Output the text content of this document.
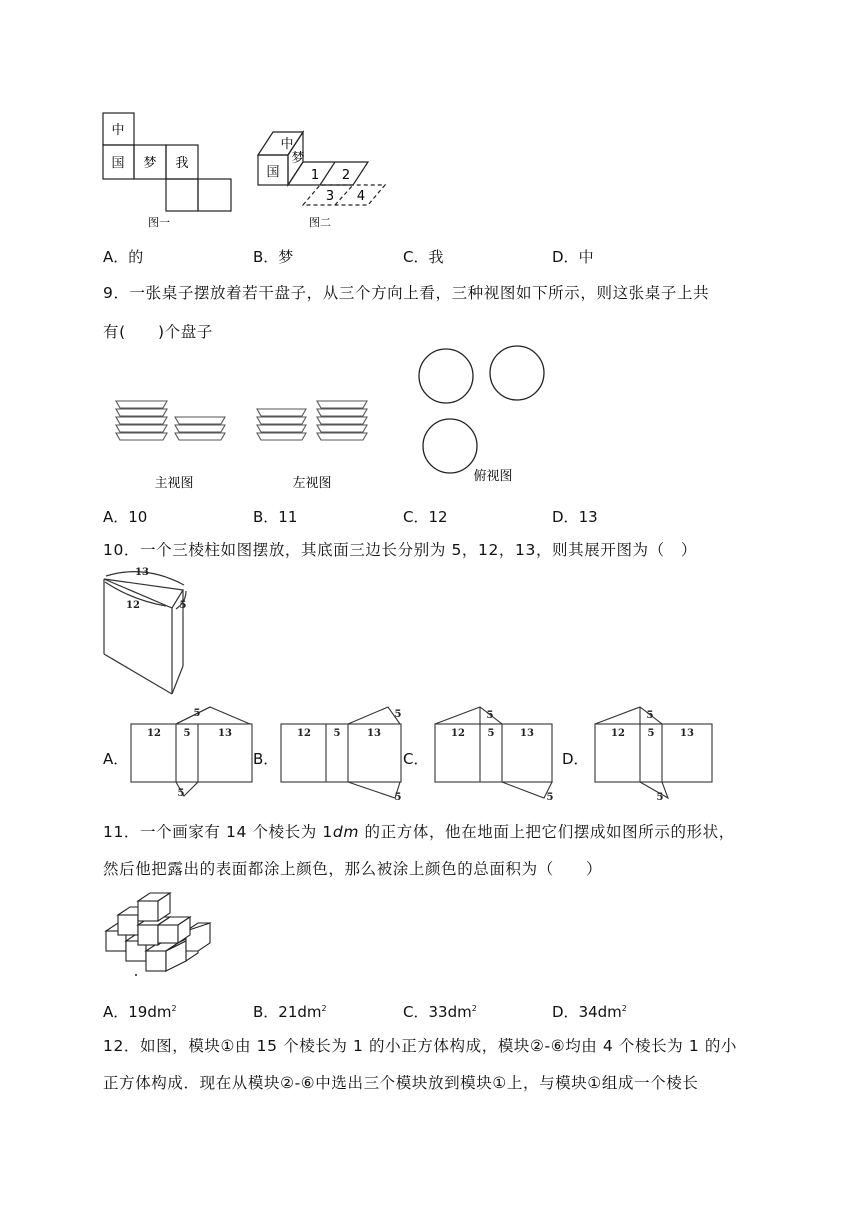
中
国 梦 我
图一
中
梦
国 1 2
3 4
图二
A．的	B．梦	C．我	D．中
9．一张桌子摆放着若干盘子，从三个方向上看，三种视图如下所示，则这张桌子上共
有(　　)个盘子
主视图	左视图	俯视图
A．10	B．11	C．12	D．13
10．一个三棱柱如图摆放，其底面三边长分别为 5，12，13，则其展开图为（　）
13
12	5
A．
12 5	13
5
5
B．
12 5	13
5
5
C．
12 5	13
5
5
D．
12 5	13
5
5
11．一个画家有 14 个棱长为 1dm 的正方体，他在地面上把它们摆成如图所示的形状，
然后他把露出的表面都涂上颜色，那么被涂上颜色的总面积为（　　）
A．$19dm^2$	B．$21dm^2$	C．$33dm^2$	D．$34dm^2$
12．如图，模块①由 15 个棱长为 1 的小正方体构成，模块②-⑥均由 4 个棱长为 1 的小
正方体构成．现在从模块②-⑥中选出三个模块放到模块①上，与模块①组成一个棱长
